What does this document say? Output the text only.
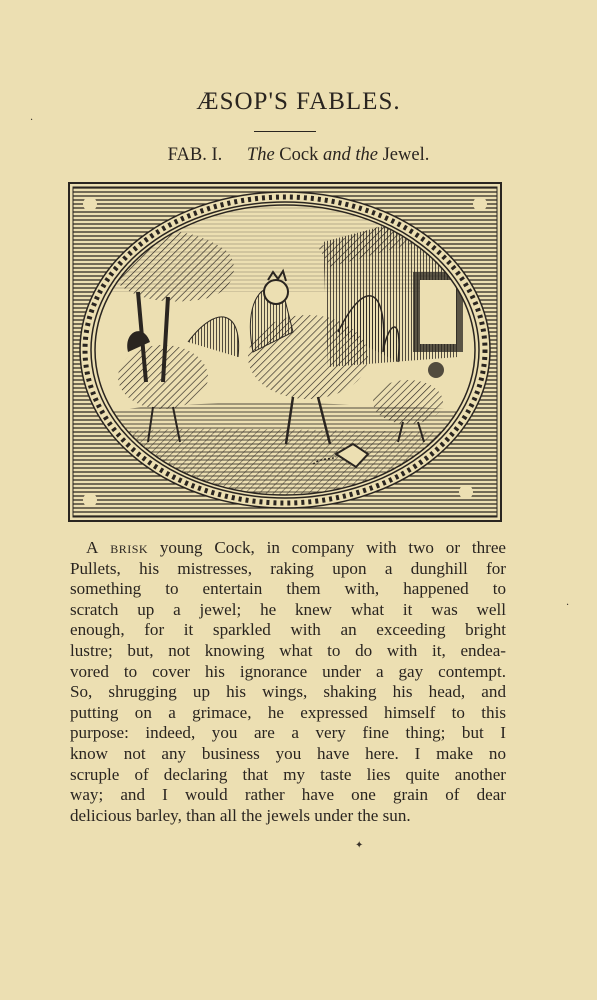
ÆSOP'S FABLES.
FAB. I. The Cock and the Jewel.
A brisk young Cock, in company with two or three
Pullets, his mistresses, raking upon a dunghill for
something to entertain them with, happened to
scratch up a jewel; he knew what it was well
enough, for it sparkled with an exceeding bright
lustre; but, not knowing what to do with it, endea-
vored to cover his ignorance under a gay contempt.
So, shrugging up his wings, shaking his head, and
putting on a grimace, he expressed himself to this
purpose: indeed, you are a very fine thing; but I
know not any business you have here. I make no
scruple of declaring that my taste lies quite another
way; and I would rather have one grain of dear
delicious barley, than all the jewels under the sun.
✦
·
·
